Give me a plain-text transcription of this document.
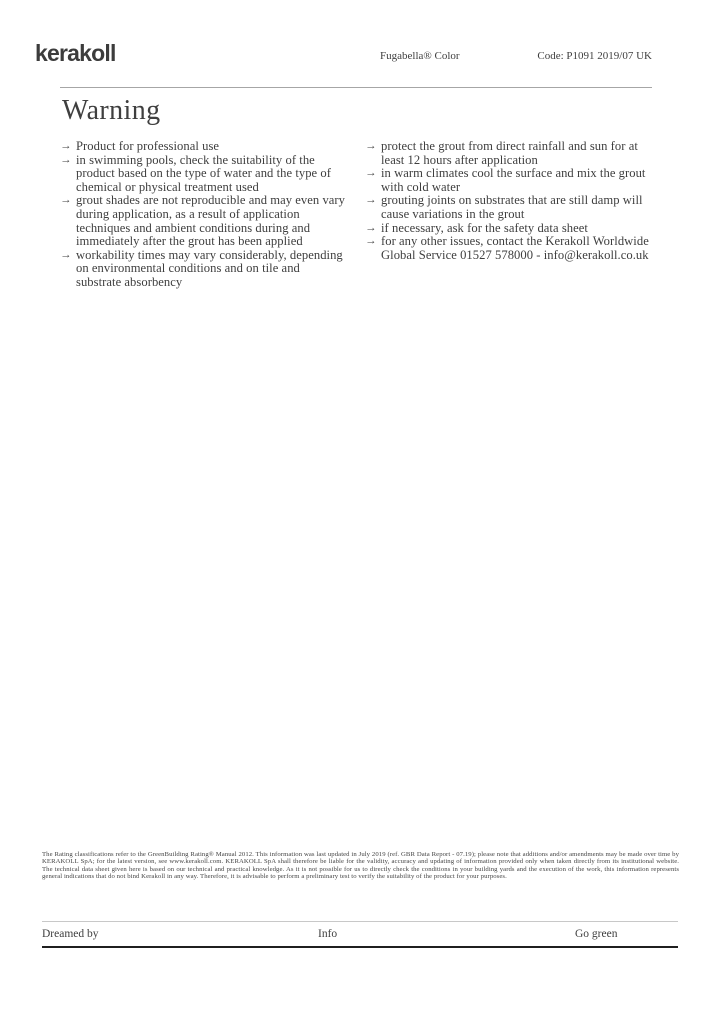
kerakoll	Fugabella® Color	Code: P1091 2019/07 UK
Warning
→ Product for professional use
→ in swimming pools, check the suitability of the product based on the type of water and the type of chemical or physical treatment used
→ grout shades are not reproducible and may even vary during application, as a result of application techniques and ambient conditions during and immediately after the grout has been applied
→ workability times may vary considerably, depending on environmental conditions and on tile and substrate absorbency
→ protect the grout from direct rainfall and sun for at least 12 hours after application
→ in warm climates cool the surface and mix the grout with cold water
→ grouting joints on substrates that are still damp will cause variations in the grout
→ if necessary, ask for the safety data sheet
→ for any other issues, contact the Kerakoll Worldwide Global Service 01527 578000 - info@kerakoll.co.uk

The Rating classifications refer to the GreenBuilding Rating® Manual 2012. This information was last updated in July 2019 (ref. GBR Data Report - 07.19); please note that additions and/or amendments may be made over time by KERAKOLL SpA; for the latest version, see www.kerakoll.com. KERAKOLL SpA shall therefore be liable for the validity, accuracy and updating of information provided only when taken directly from its institutional website. The technical data sheet given here is based on our technical and practical knowledge. As it is not possible for us to directly check the conditions in your building yards and the execution of the work, this information represents general indications that do not bind Kerakoll in any way. Therefore, it is advisable to perform a preliminary test to verify the suitability of the product for your purposes.

Dreamed by	Info	Go green
